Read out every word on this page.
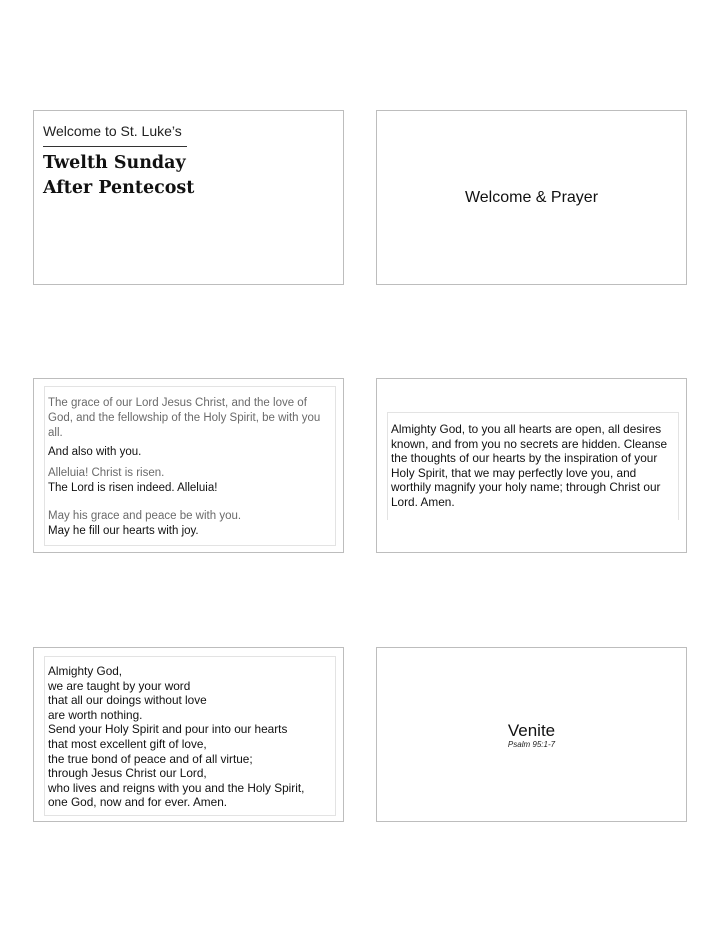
Welcome to St. Luke’s
Twelth Sunday
After Pentecost	Welcome & Prayer
The grace of our Lord Jesus Christ, and the love of God, and the fellowship of the Holy Spirit, be with you all.
And also with you.
Alleluia! Christ is risen.
The Lord is risen indeed. Alleluia!
May his grace and peace be with you.
May he fill our hearts with joy.
Almighty God, to you all hearts are open, all desires known, and from you no secrets are hidden. Cleanse the thoughts of our hearts by the inspiration of your Holy Spirit, that we may perfectly love you, and worthily magnify your holy name; through Christ our Lord. Amen.
Almighty God,
we are taught by your word
that all our doings without love
are worth nothing.
Send your Holy Spirit and pour into our hearts
that most excellent gift of love,
the true bond of peace and of all virtue;
through Jesus Christ our Lord,
who lives and reigns with you and the Holy Spirit,
one God, now and for ever. Amen.
Venite
Psalm 95:1-7
